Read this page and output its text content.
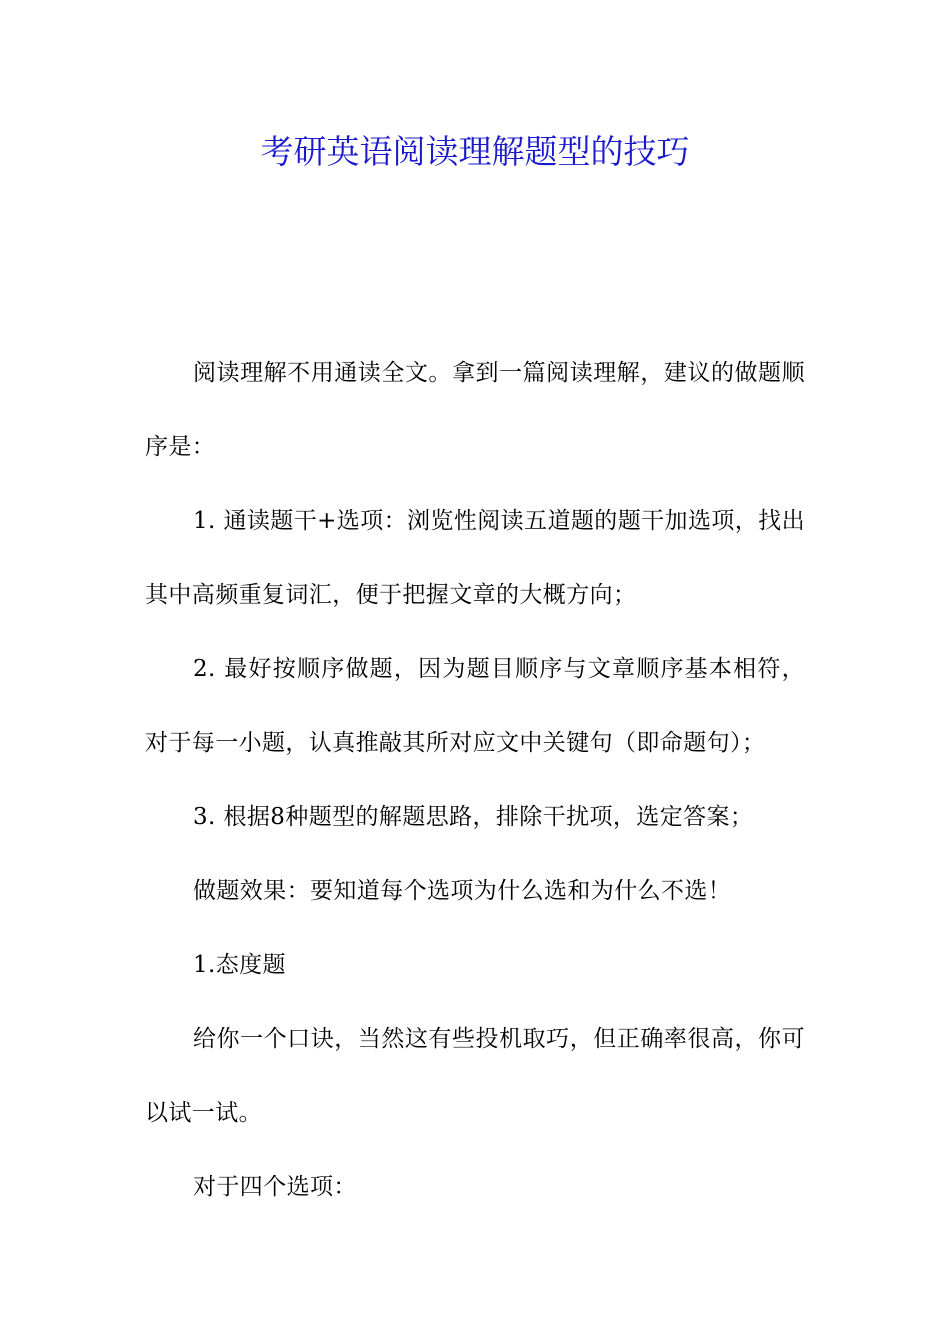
考研英语阅读理解题型的技巧

阅读理解不用通读全文。拿到一篇阅读理解，建议的做题顺序是：

1. 通读题干+选项：浏览性阅读五道题的题干加选项，找出其中高频重复词汇，便于把握文章的大概方向；

2. 最好按顺序做题，因为题目顺序与文章顺序基本相符，对于每一小题，认真推敲其所对应文中关键句（即命题句）；

3. 根据8种题型的解题思路，排除干扰项，选定答案；

做题效果：要知道每个选项为什么选和为什么不选！

1.态度题

给你一个口诀，当然这有些投机取巧，但正确率很高，你可以试一试。

对于四个选项：
